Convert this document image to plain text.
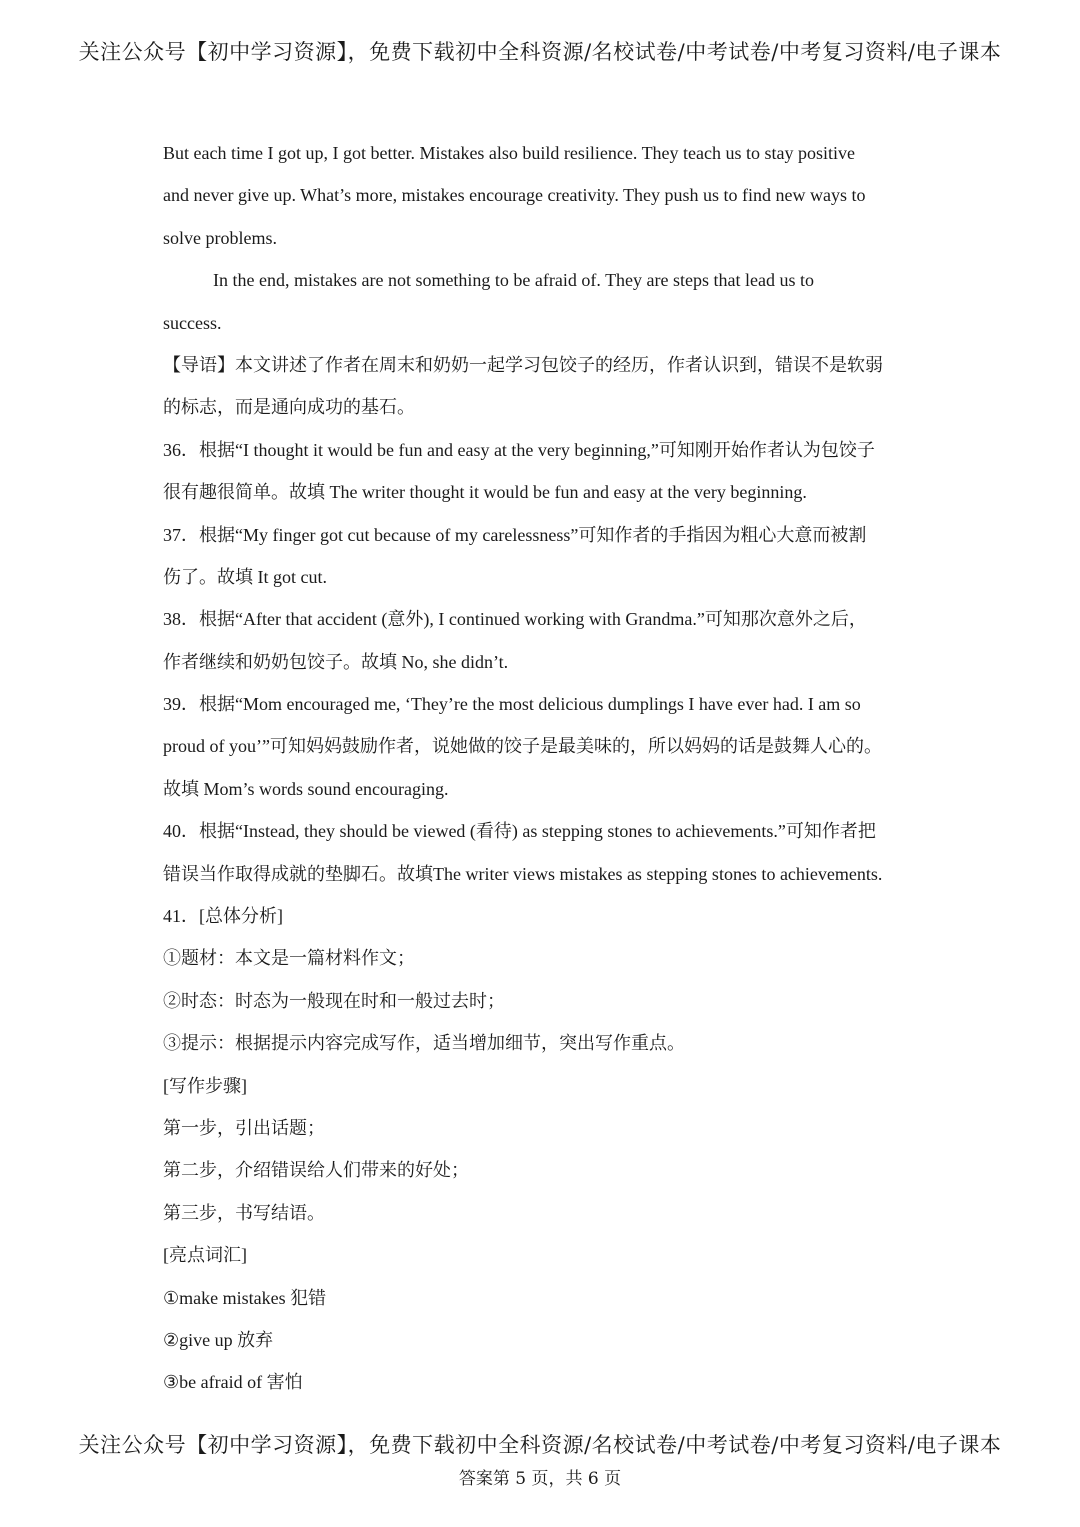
关注公众号【初中学习资源】，免费下载初中全科资源/名校试卷/中考试卷/中考复习资料/电子课本
But each time I got up, I got better. Mistakes also build resilience. They teach us to stay positive
and never give up. What’s more, mistakes encourage creativity. They push us to find new ways to
solve problems.
In the end, mistakes are not something to be afraid of. They are steps that lead us to
success.
【导语】本文讲述了作者在周末和奶奶一起学习包饺子的经历，作者认识到，错误不是软弱
的标志，而是通向成功的基石。
36．根据“I thought it would be fun and easy at the very beginning,”可知刚开始作者认为包饺子
很有趣很简单。故填 The writer thought it would be fun and easy at the very beginning.
37．根据“My finger got cut because of my carelessness”可知作者的手指因为粗心大意而被割
伤了。故填 It got cut.
38．根据“After that accident (意外), I continued working with Grandma.”可知那次意外之后，
作者继续和奶奶包饺子。故填 No, she didn’t.
39．根据“Mom encouraged me, ‘They’re the most delicious dumplings I have ever had. I am so
proud of you’”可知妈妈鼓励作者，说她做的饺子是最美味的，所以妈妈的话是鼓舞人心的。
故填 Mom’s words sound encouraging.
40．根据“Instead, they should be viewed (看待) as stepping stones to achievements.”可知作者把
错误当作取得成就的垫脚石。故填The writer views mistakes as stepping stones to achievements.
41．[总体分析]
①题材：本文是一篇材料作文；
②时态：时态为一般现在时和一般过去时；
③提示：根据提示内容完成写作，适当增加细节，突出写作重点。
[写作步骤]
第一步，引出话题；
第二步，介绍错误给人们带来的好处；
第三步，书写结语。
[亮点词汇]
①make mistakes 犯错
②give up 放弃
③be afraid of 害怕
关注公众号【初中学习资源】，免费下载初中全科资源/名校试卷/中考试卷/中考复习资料/电子课本
答案第 5 页，共 6 页
